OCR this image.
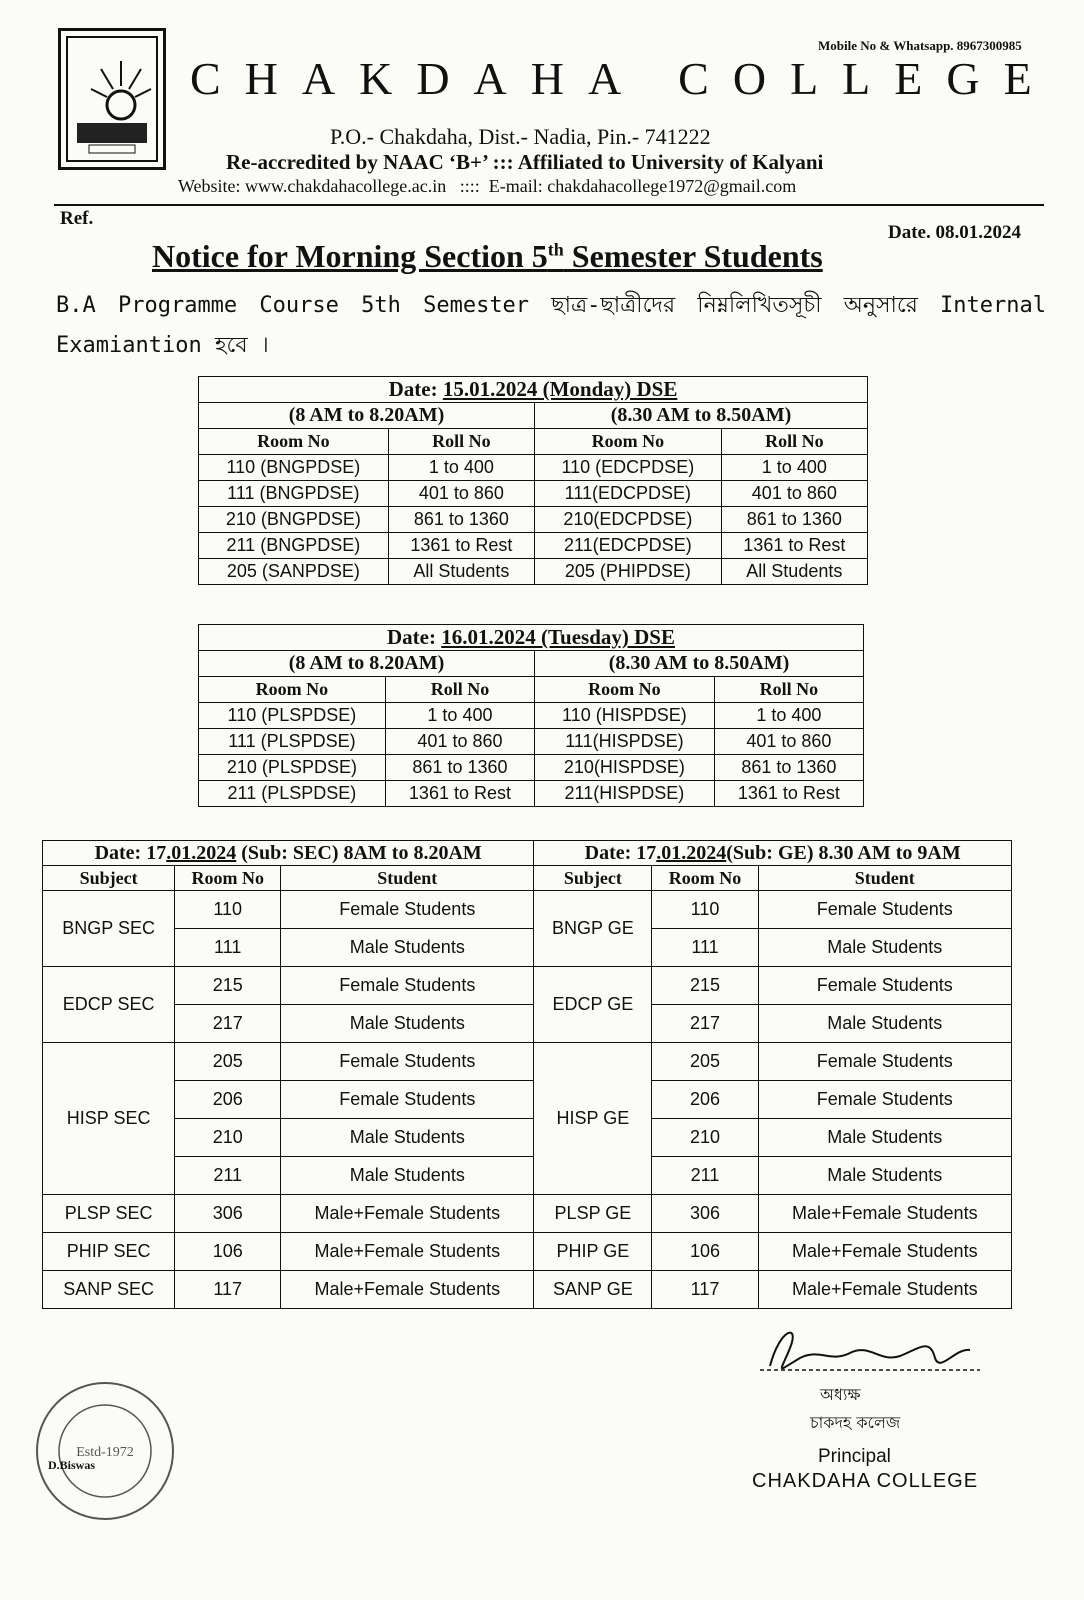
Mobile No & Whatsapp. 8967300985
CHAKDAHA COLLEGE
P.O.- Chakdaha, Dist.- Nadia, Pin.- 741222
Re-accredited by NAAC ‘B+’ ::: Affiliated to University of Kalyani
Website: www.chakdahacollege.ac.in :::: E-mail: chakdahacollege1972@gmail.com
Ref.
Date. 08.01.2024
Notice for Morning Section 5th Semester Students
B.A Programme Course 5th Semester ছাত্র-ছাত্রীদের নিম্নলিখিতসূচী অনুসারে Internal Examiantion হবে ।
Date: 15.01.2024 (Monday) DSE			
(8 AM to 8.20AM)		(8.30 AM to 8.50AM)	
Room No	Roll No	Room No	Roll No
110 (BNGPDSE)	1 to 400	110 (EDCPDSE)	1 to 400
111 (BNGPDSE)	401 to 860	111(EDCPDSE)	401 to 860
210 (BNGPDSE)	861 to 1360	210(EDCPDSE)	861 to 1360
211 (BNGPDSE)	1361 to Rest	211(EDCPDSE)	1361 to Rest
205 (SANPDSE)	All Students	205 (PHIPDSE)	All Students
Date: 16.01.2024 (Tuesday) DSE			
(8 AM to 8.20AM)		(8.30 AM to 8.50AM)	
Room No	Roll No	Room No	Roll No
110 (PLSPDSE)	1 to 400	110 (HISPDSE)	1 to 400
111 (PLSPDSE)	401 to 860	111(HISPDSE)	401 to 860
210 (PLSPDSE)	861 to 1360	210(HISPDSE)	861 to 1360
211 (PLSPDSE)	1361 to Rest	211(HISPDSE)	1361 to Rest
Date: 17.01.2024 (Sub: SEC) 8AM to 8.20AM			Date: 17.01.2024(Sub: GE) 8.30 AM to 9AM		
Subject	Room No	Student	Subject	Room No	Student
BNGP SEC	110	Female Students	BNGP GE	110	Female Students
	111	Male Students		111	Male Students
EDCP SEC	215	Female Students	EDCP GE	215	Female Students
	217	Male Students		217	Male Students
HISP SEC	205	Female Students	HISP GE	205	Female Students
	206	Female Students		206	Female Students
	210	Male Students		210	Male Students
	211	Male Students		211	Male Students
PLSP SEC	306	Male+Female Students	PLSP GE	306	Male+Female Students
PHIP SEC	106	Male+Female Students	PHIP GE	106	Male+Female Students
SANP SEC	117	Male+Female Students	SANP GE	117	Male+Female Students
অধ্যক্ষ
চাকদহ কলেজ
Principal
CHAKDAHA COLLEGE
Estd-1972
D.Biswas
